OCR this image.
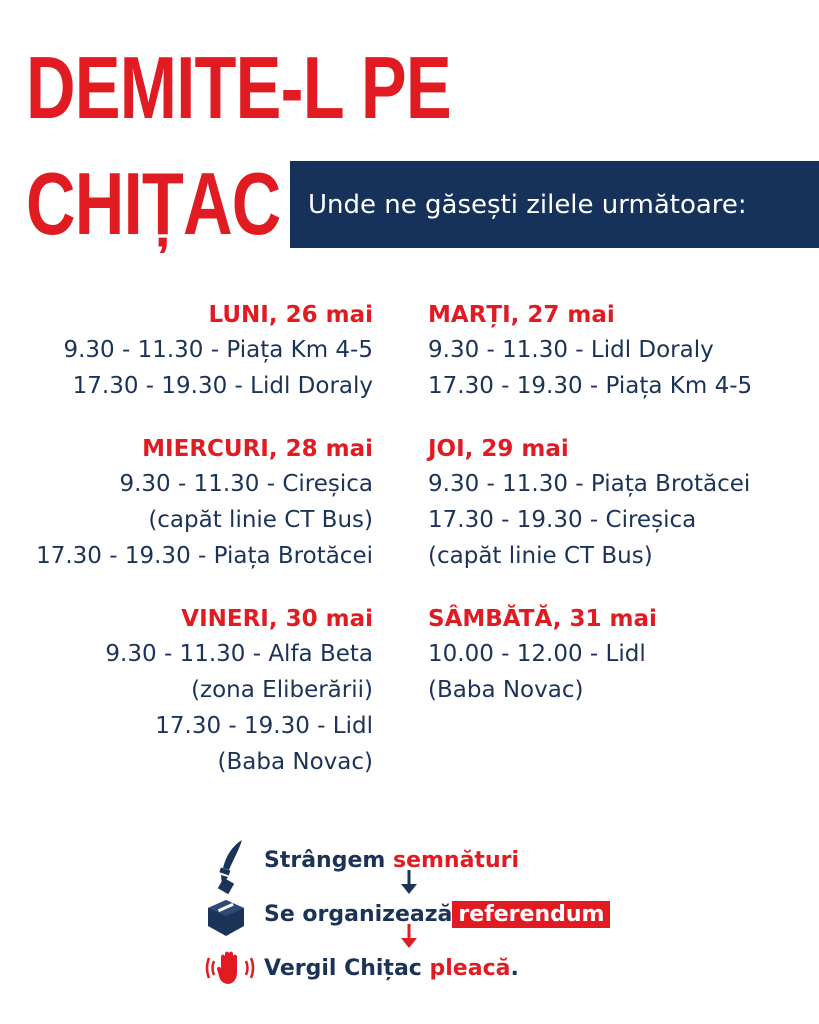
DEMITE-L PE
CHIȚAC Unde ne găsești zilele următoare:
LUNI, 26 mai
9.30 - 11.30 - Piața Km 4-5
17.30 - 19.30 - Lidl Doraly
MIERCURI, 28 mai
9.30 - 11.30 - Cireșica
(capăt linie CT Bus)
17.30 - 19.30 - Piața Brotăcei
VINERI, 30 mai
9.30 - 11.30 - Alfa Beta
(zona Eliberării)
17.30 - 19.30 - Lidl
(Baba Novac)
MARȚI, 27 mai
9.30 - 11.30 - Lidl Doraly
17.30 - 19.30 - Piața Km 4-5
JOI, 29 mai
9.30 - 11.30 - Piața Brotăcei
17.30 - 19.30 - Cireșica
(capăt linie CT Bus)
SÂMBĂTĂ, 31 mai
10.00 - 12.00 - Lidl
(Baba Novac)
Strângem semnături
Se organizează referendum
Vergil Chițac pleacă.
